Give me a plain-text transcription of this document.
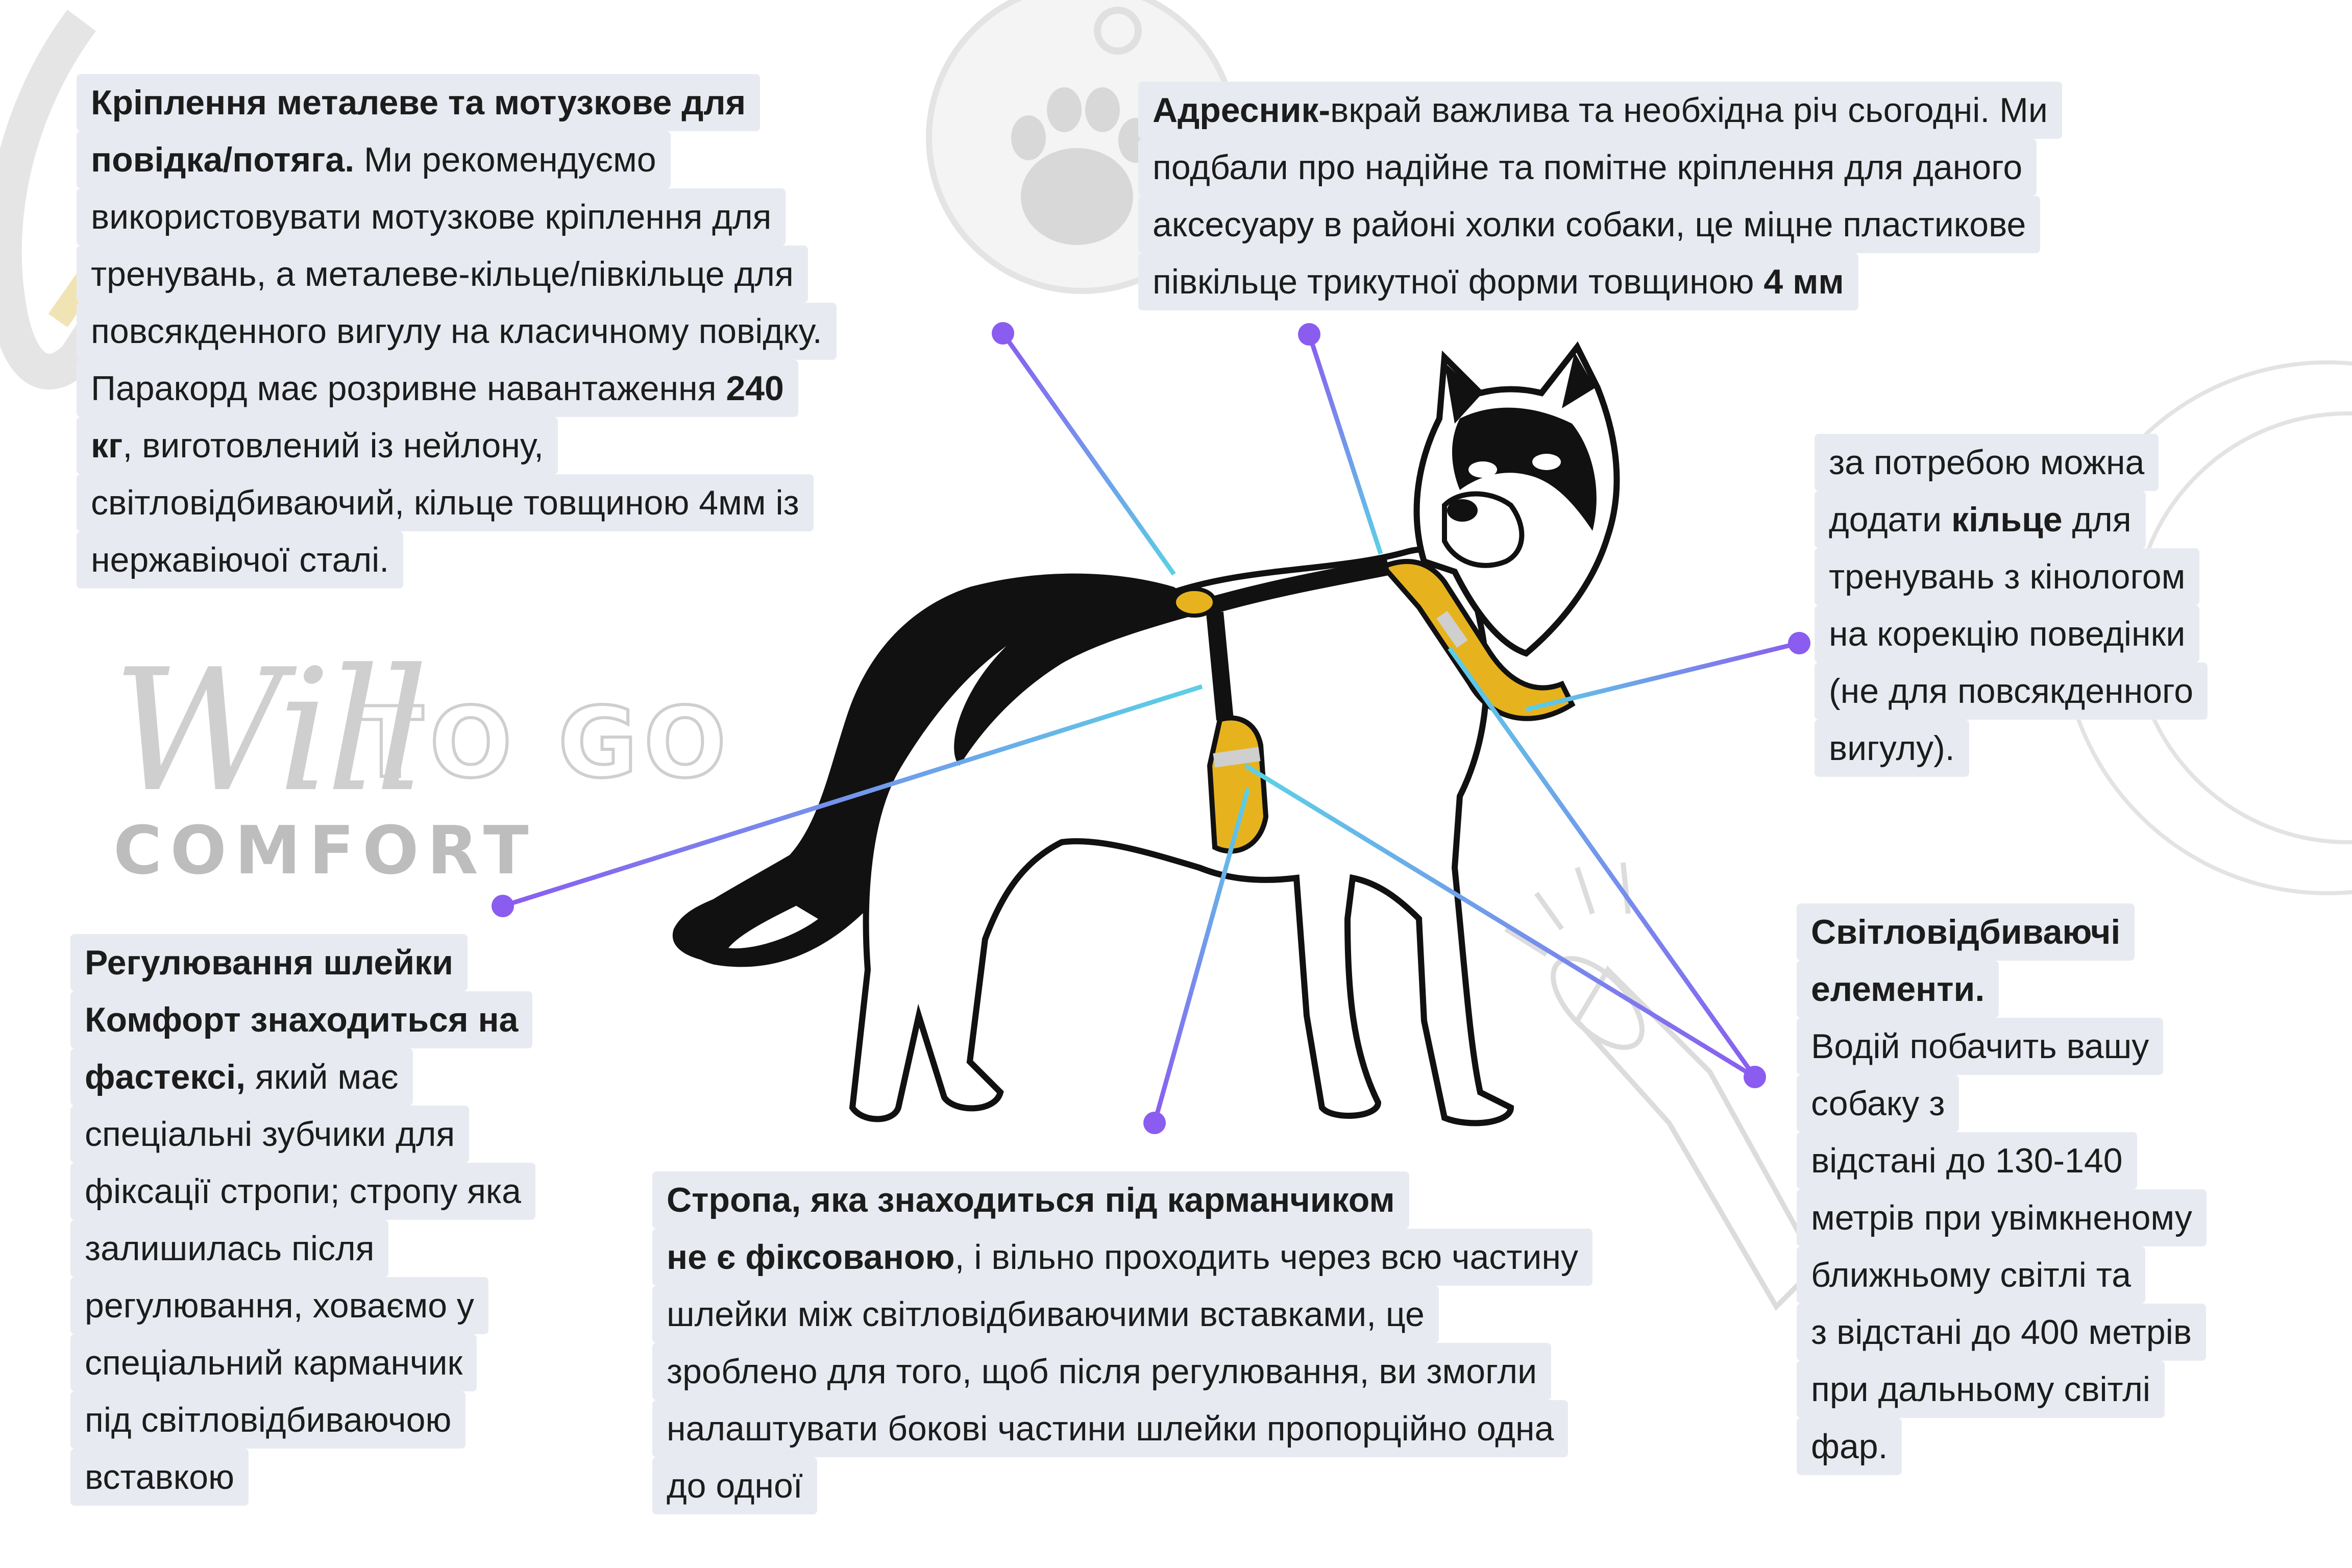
Will
TO GO
COMFORT
Кріплення металеве та мотузкове для
повідка/потяга. Ми рекомендуємо
використовувати мотузкове кріплення для
тренувань, а металеве-кільце/півкільце для
повсякденного вигулу на класичному повідку.
Паракорд має розривне навантаження 240
кг, виготовлений із нейлону,
світловідбиваючий, кільце товщиною 4мм із
нержавіючої сталі.
Адресник-вкрай важлива та необхідна річ сьогодні. Ми
подбали про надійне та помітне кріплення для даного
аксесуару в районі холки собаки, це міцне пластикове
півкільце трикутної форми товщиною 4 мм
за потребою можна
додати кільце для
тренувань з кінологом
на корекцію поведінки
(не для повсякденного
вигулу).
Регулювання шлейки
Комфорт знаходиться на
фастексі, який має
спеціальні зубчики для
фіксації стропи; стропу яка
залишилась після
регулювання, ховаємо у
спеціальний карманчик
під світловідбиваючою
вставкою
Стропа, яка знаходиться під карманчиком
не є фіксованою, і вільно проходить через всю частину
шлейки між світловідбиваючими вставками, це
зроблено для того, щоб після регулювання, ви змогли
налаштувати бокові частини шлейки пропорційно одна
до одної
Світловідбиваючі
елементи.
Водій побачить вашу
собаку з
відстані до 130-140
метрів при увімкненому
ближньому світлі та
з відстані до 400 метрів
при дальньому світлі
фар.
